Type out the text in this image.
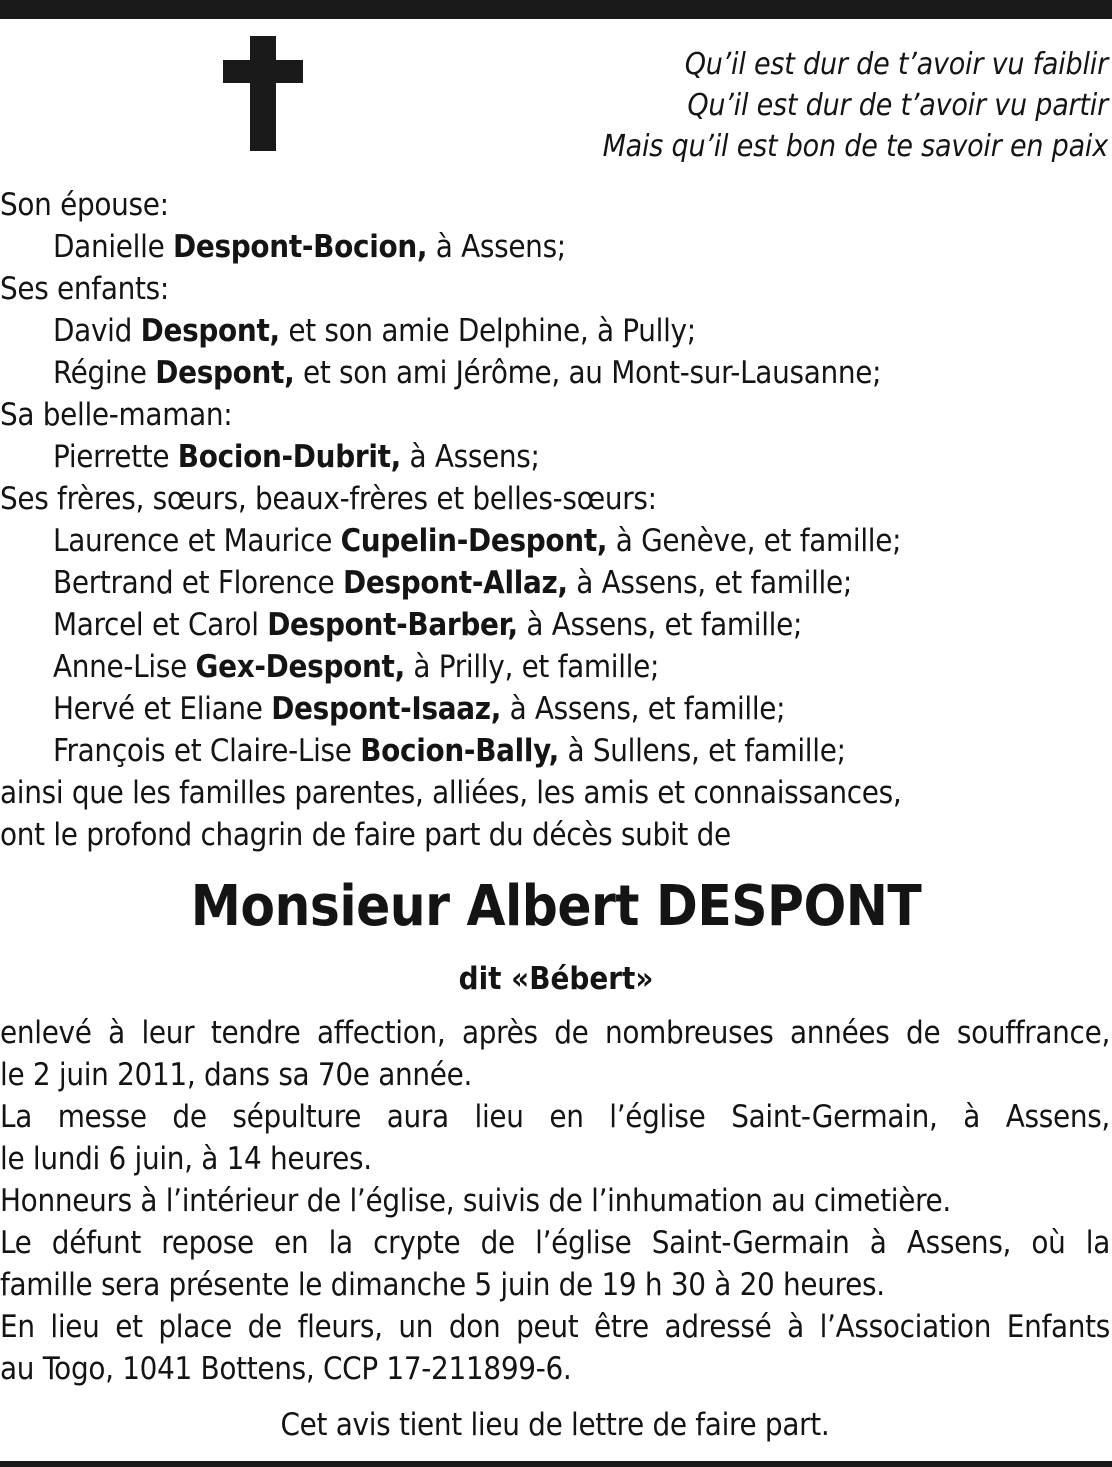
Qu’il est dur de t’avoir vu faiblir
Qu’il est dur de t’avoir vu partir
Mais qu’il est bon de te savoir en paix
Son épouse:
Danielle Despont-Bocion, à Assens;
Ses enfants:
David Despont, et son amie Delphine, à Pully;
Régine Despont, et son ami Jérôme, au Mont-sur-Lausanne;
Sa belle-maman:
Pierrette Bocion-Dubrit, à Assens;
Ses frères, sœurs, beaux-frères et belles-sœurs:
Laurence et Maurice Cupelin-Despont, à Genève, et famille;
Bertrand et Florence Despont-Allaz, à Assens, et famille;
Marcel et Carol Despont-Barber, à Assens, et famille;
Anne-Lise Gex-Despont, à Prilly, et famille;
Hervé et Eliane Despont-Isaaz, à Assens, et famille;
François et Claire-Lise Bocion-Bally, à Sullens, et famille;
ainsi que les familles parentes, alliées, les amis et connaissances,
ont le profond chagrin de faire part du décès subit de
Monsieur Albert DESPONT
dit «Bébert»
enlevé à leur tendre affection, après de nombreuses années de souffrance,
le 2 juin 2011, dans sa 70e année.
La messe de sépulture aura lieu en l’église Saint-Germain, à Assens,
le lundi 6 juin, à 14 heures.
Honneurs à l’intérieur de l’église, suivis de l’inhumation au cimetière.
Le défunt repose en la crypte de l’église Saint-Germain à Assens, où la
famille sera présente le dimanche 5 juin de 19 h 30 à 20 heures.
En lieu et place de fleurs, un don peut être adressé à l’Association Enfants
au Togo, 1041 Bottens, CCP 17-211899-6.
Cet avis tient lieu de lettre de faire part.
